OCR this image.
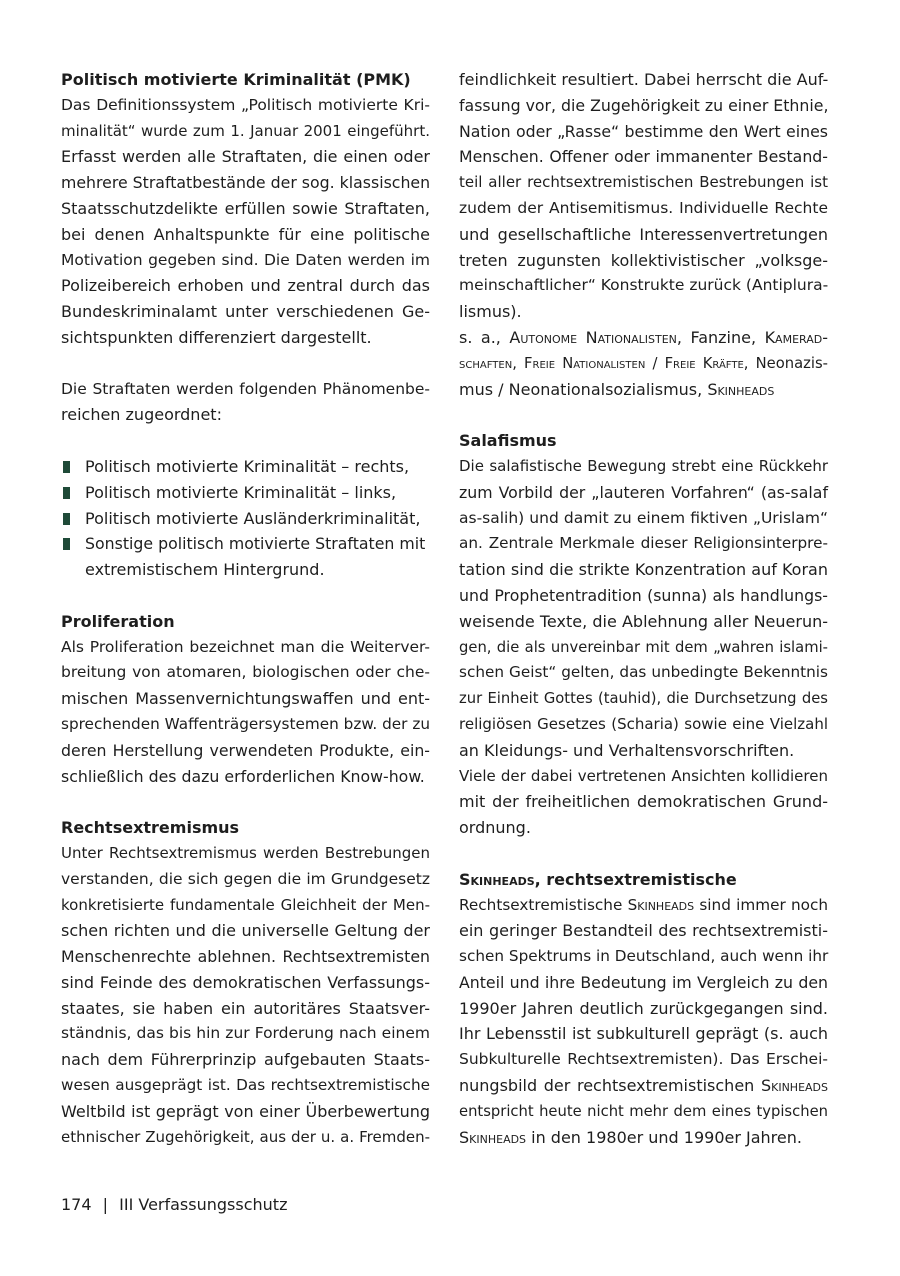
Politisch motivierte Kriminalität (PMK)
Das Definitionssystem „Politisch motivierte Kri-
minalität“ wurde zum 1. Januar 2001 eingeführt.
Erfasst werden alle Straftaten, die einen oder
mehrere Straftatbestände der sog. klassischen
Staatsschutzdelikte erfüllen sowie Straftaten,
bei denen Anhaltspunkte für eine politische
Motivation gegeben sind. Die Daten werden im
Polizeibereich erhoben und zentral durch das
Bundeskriminalamt unter verschiedenen Ge-
sichtspunkten differenziert dargestellt.
Die Straftaten werden folgenden Phänomenbe-
reichen zugeordnet:
Politisch motivierte Kriminalität – rechts,
Politisch motivierte Kriminalität – links,
Politisch motivierte Ausländerkriminalität,
Sonstige politisch motivierte Straftaten mit
extremistischem Hintergrund.
Proliferation
Als Proliferation bezeichnet man die Weiterver-
breitung von atomaren, biologischen oder che-
mischen Massenvernichtungswaffen und ent-
sprechenden Waffenträgersystemen bzw. der zu
deren Herstellung verwendeten Produkte, ein-
schließlich des dazu erforderlichen Know-how.
Rechtsextremismus
Unter Rechtsextremismus werden Bestrebungen
verstanden, die sich gegen die im Grundgesetz
konkretisierte fundamentale Gleichheit der Men-
schen richten und die universelle Geltung der
Menschenrechte ablehnen. Rechtsextremisten
sind Feinde des demokratischen Verfassungs-
staates, sie haben ein autoritäres Staatsver-
ständnis, das bis hin zur Forderung nach einem
nach dem Führerprinzip aufgebauten Staats-
wesen ausgeprägt ist. Das rechtsextremistische
Weltbild ist geprägt von einer Überbewertung
ethnischer Zugehörigkeit, aus der u. a. Fremden-
feindlichkeit resultiert. Dabei herrscht die Auf-
fassung vor, die Zugehörigkeit zu einer Ethnie,
Nation oder „Rasse“ bestimme den Wert eines
Menschen. Offener oder immanenter Bestand-
teil aller rechtsextremistischen Bestrebungen ist
zudem der Antisemitismus. Individuelle Rechte
und gesellschaftliche Interessenvertretungen
treten zugunsten kollektivistischer „volksge-
meinschaftlicher“ Konstrukte zurück (Antiplura-
lismus).
s. a., Autonome Nationalisten, Fanzine, Kamerad-
schaften, Freie Nationalisten / Freie Kräfte, Neonazis-
mus / Neonationalsozialismus, Skinheads
Salafismus
Die salafistische Bewegung strebt eine Rückkehr
zum Vorbild der „lauteren Vorfahren“ (as-salaf
as-salih) und damit zu einem fiktiven „Urislam“
an. Zentrale Merkmale dieser Religionsinterpre-
tation sind die strikte Konzentration auf Koran
und Prophetentradition (sunna) als handlungs-
weisende Texte, die Ablehnung aller Neuerun-
gen, die als unvereinbar mit dem „wahren islami-
schen Geist“ gelten, das unbedingte Bekenntnis
zur Einheit Gottes (tauhid), die Durchsetzung des
religiösen Gesetzes (Scharia) sowie eine Vielzahl
an Kleidungs- und Verhaltensvorschriften.
Viele der dabei vertretenen Ansichten kollidieren
mit der freiheitlichen demokratischen Grund-
ordnung.
Skinheads, rechtsextremistische
Rechtsextremistische Skinheads sind immer noch
ein geringer Bestandteil des rechtsextremisti-
schen Spektrums in Deutschland, auch wenn ihr
Anteil und ihre Bedeutung im Vergleich zu den
1990er Jahren deutlich zurückgegangen sind.
Ihr Lebensstil ist subkulturell geprägt (s. auch
Subkulturelle Rechtsextremisten). Das Erschei-
nungsbild der rechtsextremistischen Skinheads
entspricht heute nicht mehr dem eines typischen
Skinheads in den 1980er und 1990er Jahren.
174 | III Verfassungsschutz
